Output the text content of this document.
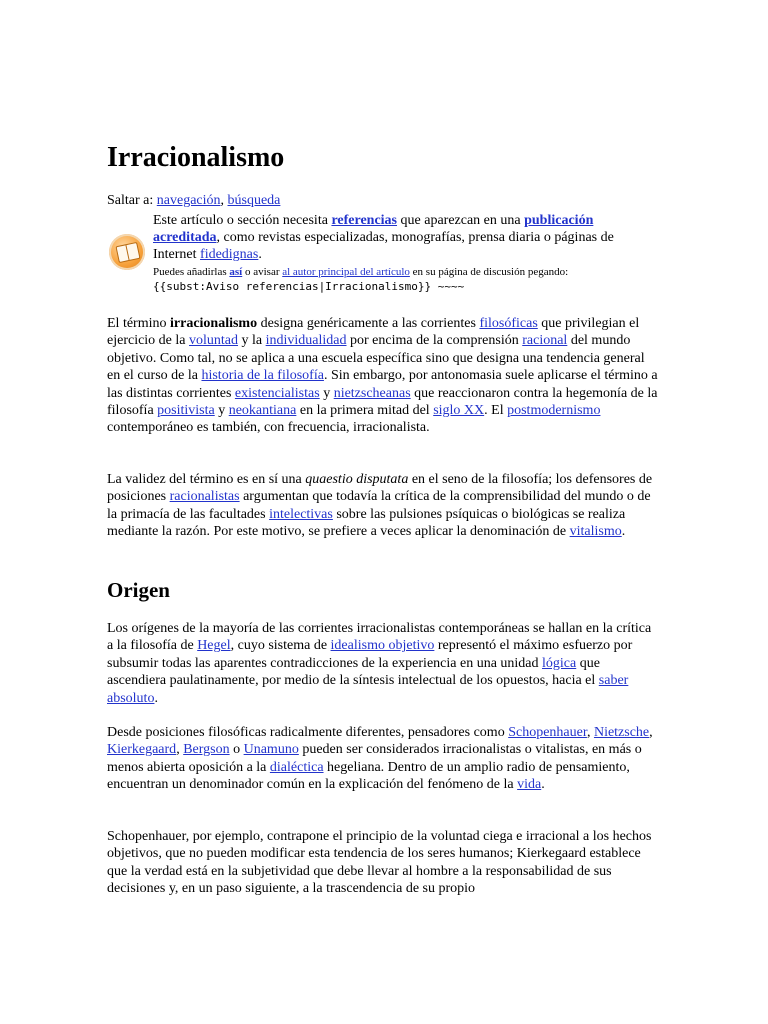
Irracionalismo
Saltar a: navegación, búsqueda
Este artículo o sección necesita referencias que aparezcan en una publicación acreditada, como revistas especializadas, monografías, prensa diaria o páginas de Internet fidedignas.
Puedes añadirlas así o avisar al autor principal del artículo en su página de discusión pegando:
{{subst:Aviso referencias|Irracionalismo}} ~~~~

El término irracionalismo designa genéricamente a las corrientes filosóficas que privilegian el ejercicio de la voluntad y la individualidad por encima de la comprensión racional del mundo objetivo. Como tal, no se aplica a una escuela específica sino que designa una tendencia general en el curso de la historia de la filosofía. Sin embargo, por antonomasia suele aplicarse el término a las distintas corrientes existencialistas y nietzscheanas que reaccionaron contra la hegemonía de la filosofía positivista y neokantiana en la primera mitad del siglo XX. El postmodernismo contemporáneo es también, con frecuencia, irracionalista.

La validez del término es en sí una quaestio disputata en el seno de la filosofía; los defensores de posiciones racionalistas argumentan que todavía la crítica de la comprensibilidad del mundo o de la primacía de las facultades intelectivas sobre las pulsiones psíquicas o biológicas se realiza mediante la razón. Por este motivo, se prefiere a veces aplicar la denominación de vitalismo.

Origen

Los orígenes de la mayoría de las corrientes irracionalistas contemporáneas se hallan en la crítica a la filosofía de Hegel, cuyo sistema de idealismo objetivo representó el máximo esfuerzo por subsumir todas las aparentes contradicciones de la experiencia en una unidad lógica que ascendiera paulatinamente, por medio de la síntesis intelectual de los opuestos, hacia el saber absoluto.

Desde posiciones filosóficas radicalmente diferentes, pensadores como Schopenhauer, Nietzsche, Kierkegaard, Bergson o Unamuno pueden ser considerados irracionalistas o vitalistas, en más o menos abierta oposición a la dialéctica hegeliana. Dentro de un amplio radio de pensamiento, encuentran un denominador común en la explicación del fenómeno de la vida.

Schopenhauer, por ejemplo, contrapone el principio de la voluntad ciega e irracional a los hechos objetivos, que no pueden modificar esta tendencia de los seres humanos; Kierkegaard establece que la verdad está en la subjetividad que debe llevar al hombre a la responsabilidad de sus decisiones y, en un paso siguiente, a la trascendencia de su propio
